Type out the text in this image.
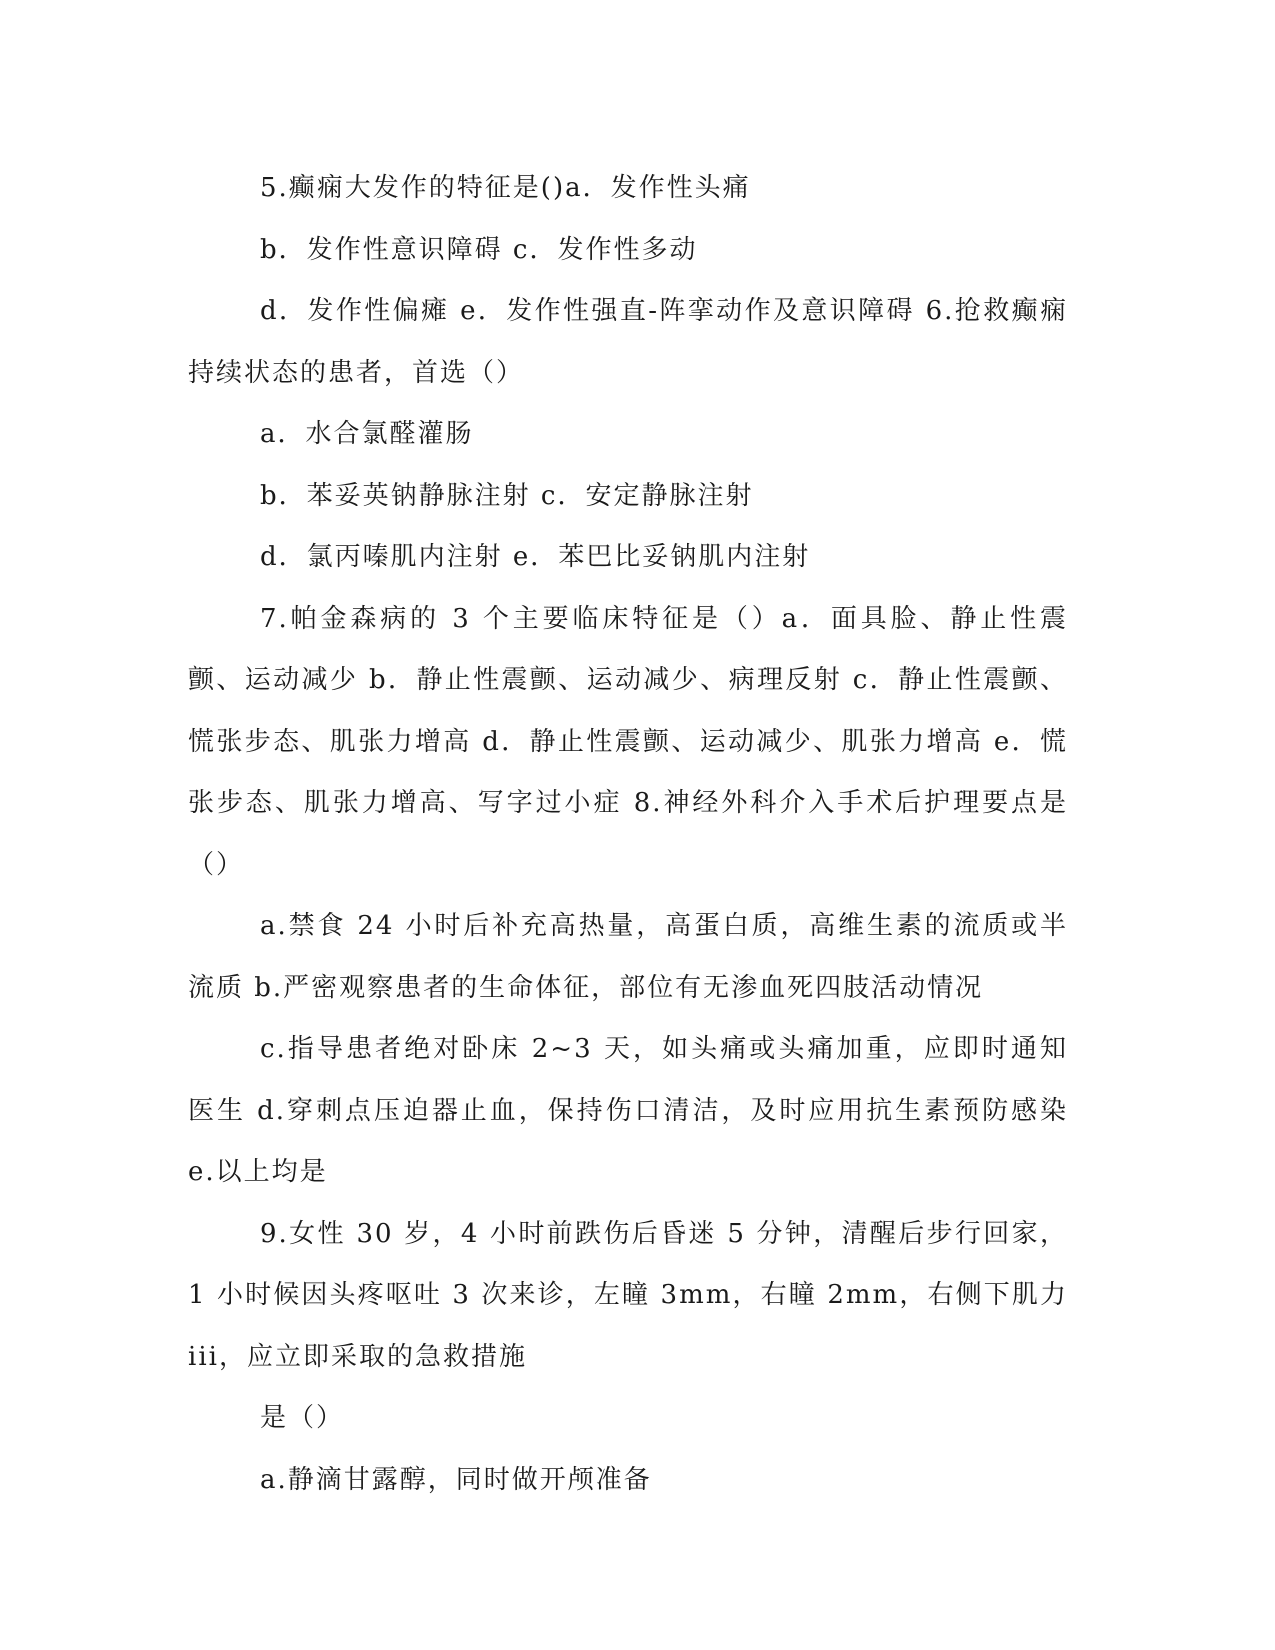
5.癫痫大发作的特征是()a．发作性头痛

b．发作性意识障碍 c．发作性多动

d．发作性偏瘫 e．发作性强直-阵挛动作及意识障碍 6.抢救癫痫持续状态的患者，首选（）

a．水合氯醛灌肠

b．苯妥英钠静脉注射 c．安定静脉注射

d．氯丙嗪肌内注射 e．苯巴比妥钠肌内注射

7.帕金森病的 3 个主要临床特征是（）a．面具脸、静止性震颤、运动减少 b．静止性震颤、运动减少、病理反射 c．静止性震颤、慌张步态、肌张力增高 d．静止性震颤、运动减少、肌张力增高 e．慌张步态、肌张力增高、写字过小症 8.神经外科介入手术后护理要点是（）

a.禁食 24 小时后补充高热量，高蛋白质，高维生素的流质或半流质 b.严密观察患者的生命体征，部位有无渗血死四肢活动情况

c.指导患者绝对卧床 2~3 天，如头痛或头痛加重，应即时通知医生 d.穿刺点压迫器止血，保持伤口清洁，及时应用抗生素预防感染 e.以上均是

9.女性 30 岁，4 小时前跌伤后昏迷 5 分钟，清醒后步行回家，1 小时候因头疼呕吐 3 次来诊，左瞳 3mm，右瞳 2mm，右侧下肌力 iii，应立即采取的急救措施

是（）

a.静滴甘露醇，同时做开颅准备
